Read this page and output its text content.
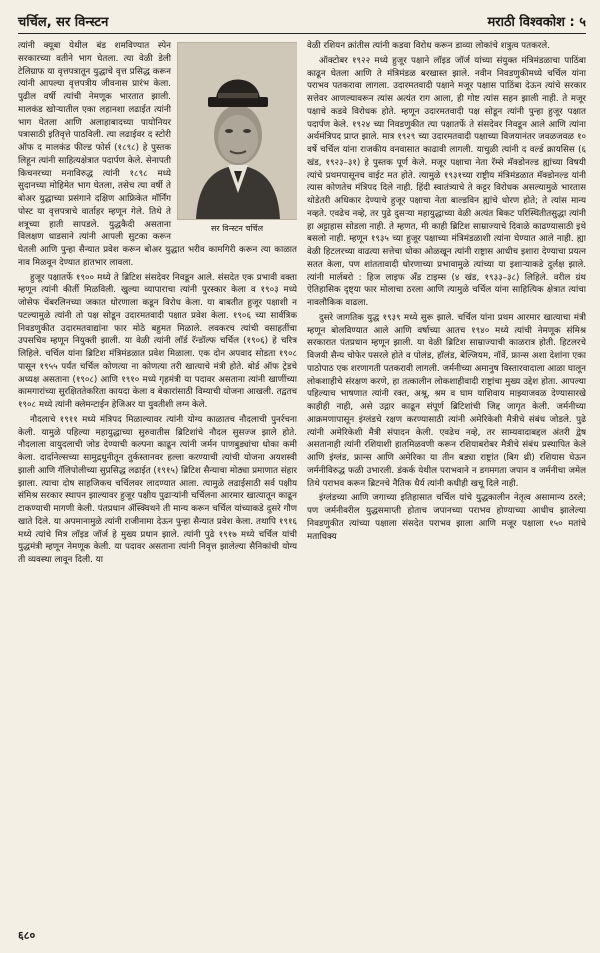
चर्चिल, सर विन्स्टन	मराठी विश्वकोश : ५

सर विन्स्टन चर्चिल
त्यांनी क्यूबा येथील बंड शमविण्यात स्पेन सरकारच्या वतीने भाग घेतला. त्या वेळी डेली टेलिग्राफ या वृत्तपत्रातून युद्धाचे वृत्त प्रसिद्ध करून त्यांनी आपल्या वृत्तपत्रीय जीवनास प्रारंभ केला. पुढील वर्षी त्यांची नेमणूक भारतात झाली. मालकंड खोऱ्यातील एका लहानशा लढाईत त्यांनी भाग घेतला आणि अलाहाबादच्या पायोनियर पत्रासाठी इतिवृत्ते पाठविली. त्या लढाईवर द स्टोरी ऑफ द मालकंड फील्ड फोर्स (१८९८) हे पुस्तक लिहून त्यांनी साहित्यक्षेत्रात पदार्पण केले. सेनापती किचनरच्या मनाविरुद्ध त्यांनी १८९८ मध्ये सुदानच्या मोहिमेत भाग घेतला, तसेच त्या वर्षी ते बोअर युद्धाच्या प्रसंगाने दक्षिण आफ्रिकेत मॉर्निंग पोस्ट या वृत्तपत्राचे वार्ताहर म्हणून गेले. तिथे ते शत्रूच्या हाती सापडले. युद्धकैदी असताना विलक्षण धाडसाने त्यांनी आपली सुटका करून घेतली आणि पुन्हा सैन्यात प्रवेश करून बोअर युद्धात भरीव कामगिरी करून त्या काळात नाव मिळवून देण्यात हातभार लावला.

हुजूर पक्षातर्फे १९०० मध्ये ते ब्रिटिश संसदेवर निवडून आले. संसदेत एक प्रभावी वक्ता म्हणून त्यांनी कीर्ती मिळविली. खुल्या व्यापाराचा त्यांनी पुरस्कार केला व १९०३ मध्ये जोसेफ चेंबरलिनच्या जकात धोरणाला कडून विरोध केला. या बाबतीत हुजूर पक्षाशी न पटल्यामुळे त्यांनी तो पक्ष सोडून उदारमतवादी पक्षात प्रवेश केला. १९०६ च्या सार्वत्रिक निवडणुकीत उदारमतवाद्यांना फार मोठे बहुमत मिळाले. लवकरच त्यांची वसाहतींचा उपसचिव म्हणून नियुक्ती झाली. या वेळी त्यांनी लॉर्ड रॅन्डॉल्फ चर्चिल (१९०६) हे चरित्र लिहिले. चर्चिल यांना ब्रिटिश मंत्रिमंडळात प्रवेश मिळाला. एक दोन अपवाद सोडता १९०८ पासून १९५५ पर्यंत चर्चिल कोणत्या ना कोणत्या तरी खात्याचे मंत्री होते. बोर्ड ऑफ ट्रेडचे अध्यक्ष असताना (१९०८) आणि १९१० मध्ये गृहमंत्री या पदावर असताना त्यांनी खाणींच्या कामगारांच्या सुरक्षिततेकरिता कायदा केला व बेकारांसाठी विम्याची योजना आखली. तद्वतच १९०८ मध्ये त्यांनी क्लेमन्टाईन हेजिअर या युवतीशी लग्न केले.

नौदलाचे १९११ मध्ये मंत्रिपद मिळाल्यावर त्यांनी योग्य काळातच नौदलाची पुनर्रचना केली. यामुळे पहिल्या महायुद्धाच्या सुरुवातीस ब्रिटिशांचे नौदल सुसज्ज झाले होते. नौदलाला वायुदलाची जोड देण्याची कल्पना काढून त्यांनी जर्मन पाणबुड्यांचा धोका कमी केला. दार्दानेल्सच्या सामुद्रधुनीतून तुर्कस्तानवर हल्ला करण्याची त्यांची योजना अयशस्वी झाली आणि गॅलिपोलीच्या सुप्रसिद्ध लढाईत (१९१५) ब्रिटिश सैन्याचा मोठ्या प्रमाणात संहार झाला. त्याचा दोष साहजिकच चर्चिलवर लादण्यात आला. त्यामुळे लढाईसाठी सर्व पक्षीय संमिश्र सरकार स्थापन झाल्यावर हुजूर पक्षीय पुढाऱ्यांनी चर्चिलना आरमार खात्यातून काढून टाकण्याची मागणी केली. पंतप्रधान ॲस्क्विथने ती मान्य करून चर्चिल यांच्याकडे दुसरे गौण खाते दिले. या अपमानामुळे त्यांनी राजीनामा देऊन पुन्हा सैन्यात प्रवेश केला. तथापि १९१६ मध्ये त्यांचे मित्र लॉइड जॉर्ज हे मुख्य प्रधान झाले. त्यांनी पुढे १९१७ मध्ये चर्चिल यांची युद्धमंत्री म्हणून नेमणूक केली. या पदावर असताना त्यांनी निवृत्त झालेल्या सैनिकांची योग्य ती व्यवस्था लावून दिली. या

वेळी रशियन क्रांतीस त्यांनी कडवा विरोध करून डाव्या लोकांचे शत्रुत्व पतकरले.

ऑक्टोबर १९२२ मध्ये हुजूर पक्षाने लॉइड जॉर्ज यांच्या संयुक्त मंत्रिमंडळाचा पाठिंबा काढून घेतला आणि ते मंत्रिमंडळ बरखास्त झाले. नवीन निवडणुकीमध्ये चर्चिल यांना पराभव पतकरावा लागला. उदारमतवादी पक्षाने मजूर पक्षास पाठिंबा देऊन त्यांचे सरकार सत्तेवर आणल्यावरून त्यांस अत्यंत राग आला, ही गोष्ट त्यांस सहन झाली नाही. ते मजूर पक्षाचे कडवे विरोधक होते. म्हणून उदारमतवादी पक्ष सोडून त्यांनी पुन्हा हुजूर पक्षात पदार्पण केले. १९२४ च्या निवडणुकीत त्या पक्षातर्फे ते संसदेवर निवडून आले आणि त्यांना अर्थमंत्रिपद प्राप्त झाले. मात्र १९२९ च्या उदारमतवादी पक्षाच्या विजयानंतर जवळजवळ १० वर्षे चर्चिल यांना राजकीय वनवासात काढावी लागली. याचुळी त्यांनी द वर्ल्ड क्रायसिस (६ खंड, १९२३–३१) हे पुस्तक पूर्ण केले. मजूर पक्षाचा नेता रॅम्से मॅक्डोनल्ड ह्यांच्या विषयी त्यांचे प्रथमपासूनच वाईट मत होते. त्यामुळे १९३१च्या राष्ट्रीय मंत्रिमंडळात मॅक्डोनल्ड यांनी त्यास कोणतेच मंत्रिपद दिले नाही. हिंदी स्वातंत्र्याचे ते कट्टर विरोधक असल्यामुळे भारतास थोडेतरी अधिकार देण्याचे हुजूर पक्षाचा नेता बाल्डविन ह्यांचे धोरण होते; ते त्यांस मान्य नव्हते. एवढेच नव्हे, तर पुढे दुसऱ्या महायुद्धाच्या वेळी अत्यंत बिकट परिस्थितीतसुद्धा त्यांनी हा अट्टाहास सोडला नाही. ते म्हणत, मी काही ब्रिटिश साम्राज्याचे दिवाळे काढण्यासाठी इथे बसलो नाही. म्हणून १९३५ च्या हुजूर पक्षाच्या मंत्रिमंडळाशी त्यांना घेण्यात आले नाही. ह्या वेळी हिटलरच्या वाढत्या सत्तेचा धोका ओळखून त्यांनी राष्ट्रास आधीच इशारा देण्याचा प्रयत्न सतत केला, पण शांततावादी धोरणाच्या प्रभावामुळे त्यांच्या या इशाऱ्याकडे दुर्लक्ष झाले. त्यांनी मार्लबरो : हिज लाइफ अँड टाइम्स (४ खंड, १९३३–३८) लिहिले. वरील ग्रंथ ऐतिहासिक दृष्ट्या फार मोलाचा ठरला आणि त्यामुळे चर्चिल यांना साहित्यिक क्षेत्रात त्यांचा नावलौकिक वाढला.

दुसरे जागतिक युद्ध १९३९ मध्ये सुरू झाले. चर्चिल यांना प्रथम आरमार खात्याचा मंत्री म्हणून बोलविण्यात आले आणि वर्षाच्या आतच १९४० मध्ये त्यांची नेमणूक संमिश्र सरकारात पंतप्रधान म्हणून झाली. या वेळी ब्रिटिश साम्राज्याची काळरात्र होती. हिटलरचे विजयी सैन्य चोफेर पसरले होते व पोलंड, हॉलंड, बेल्जियम, नॉर्वे, फ्रान्स अशा देशांना एका पाठोपाठ एक शरणागती पतकरावी लागली. जर्मनीच्या अमानुष विस्तारवादाला आळा घालून लोकशाहीचे संरक्षण करणे, हा तत्कालीन लोकशाहीवादी राष्ट्रांचा मुख्य उद्देश होता. आपल्या पहिल्याच भाषणात त्यांनी रक्त, अश्रू, श्रम व घाम याशिवाय माझ्याजवळ देण्यासारखे काहीही नाही, असे उद्गार काढून संपूर्ण ब्रिटिशांची जिद्द जागृत केली. जर्मनीच्या आक्रमणापासून इंग्लंडचे रक्षण करण्यासाठी त्यांनी अमेरिकेशी मैत्रीचे संबंध जोडले. पुढे त्यांनी अमेरिकेशी मैत्री संपादन केली. एवढेच नव्हे, तर साम्यवादाबद्दल अंतरी द्वेष असतानाही त्यांनी रशियाशी हातमिळवणी करून रशियाबरोबर मैत्रीचे संबंध प्रस्थापित केले आणि इंग्लंड, फ्रान्स आणि अमेरिका या तीन बड्या राष्ट्रांत (बिग थ्री) रशियास घेऊन जर्मनीविरुद्ध फळी उभारली. डंकर्क येथील पराभवाने न डगमगता जपान व जर्मनीचा जमेल तिथे पराभव करून ब्रिटनचे नैतिक धैर्य त्यांनी कधीही खचू दिले नाही.

इंग्लंडच्या आणि जगाच्या इतिहासात चर्चिल यांचे युद्धकालीन नेतृत्व असामान्य ठरले; पण जर्मनीवरील युद्धसमाप्ती होताच जपानच्या पराभव होण्याच्या आधीच झालेल्या निवडणुकीत त्यांच्या पक्षाला संसदेत पराभव झाला आणि मजूर पक्षाला १५० मतांचे मताधिक्य

६८०
